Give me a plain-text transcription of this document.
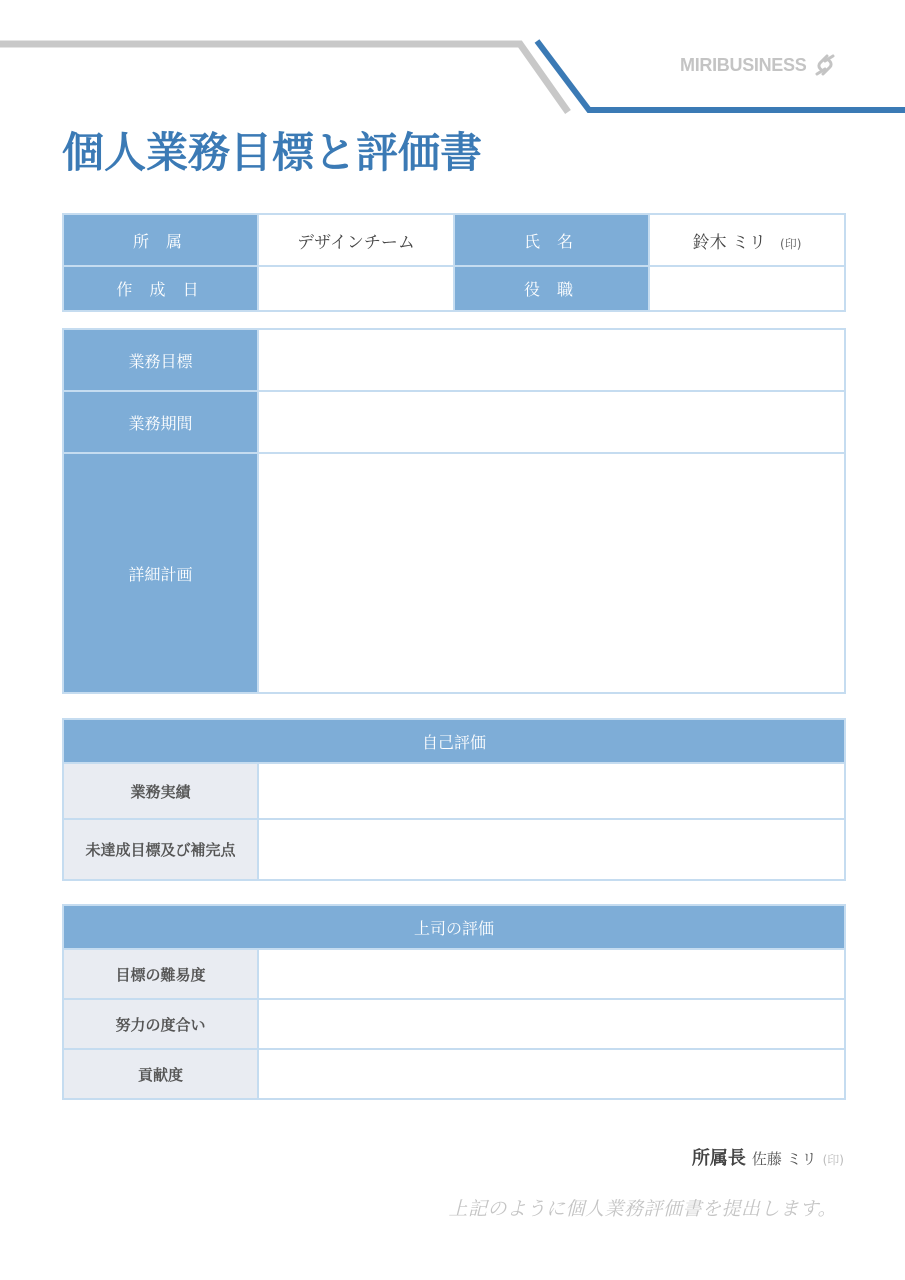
MIRIBUSINESS
個人業務目標と評価書
所 属	デザインチーム	氏 名	鈴木 ミリ (印)
作 成 日		役 職	
業務目標	
業務期間	
詳細計画	
自己評価	
業務実績	
未達成目標及び補完点	
上司の評価	
目標の難易度	
努力の度合い	
貢献度	
所属長 佐藤 ミリ (印)
上記のように個人業務評価書を提出します。
